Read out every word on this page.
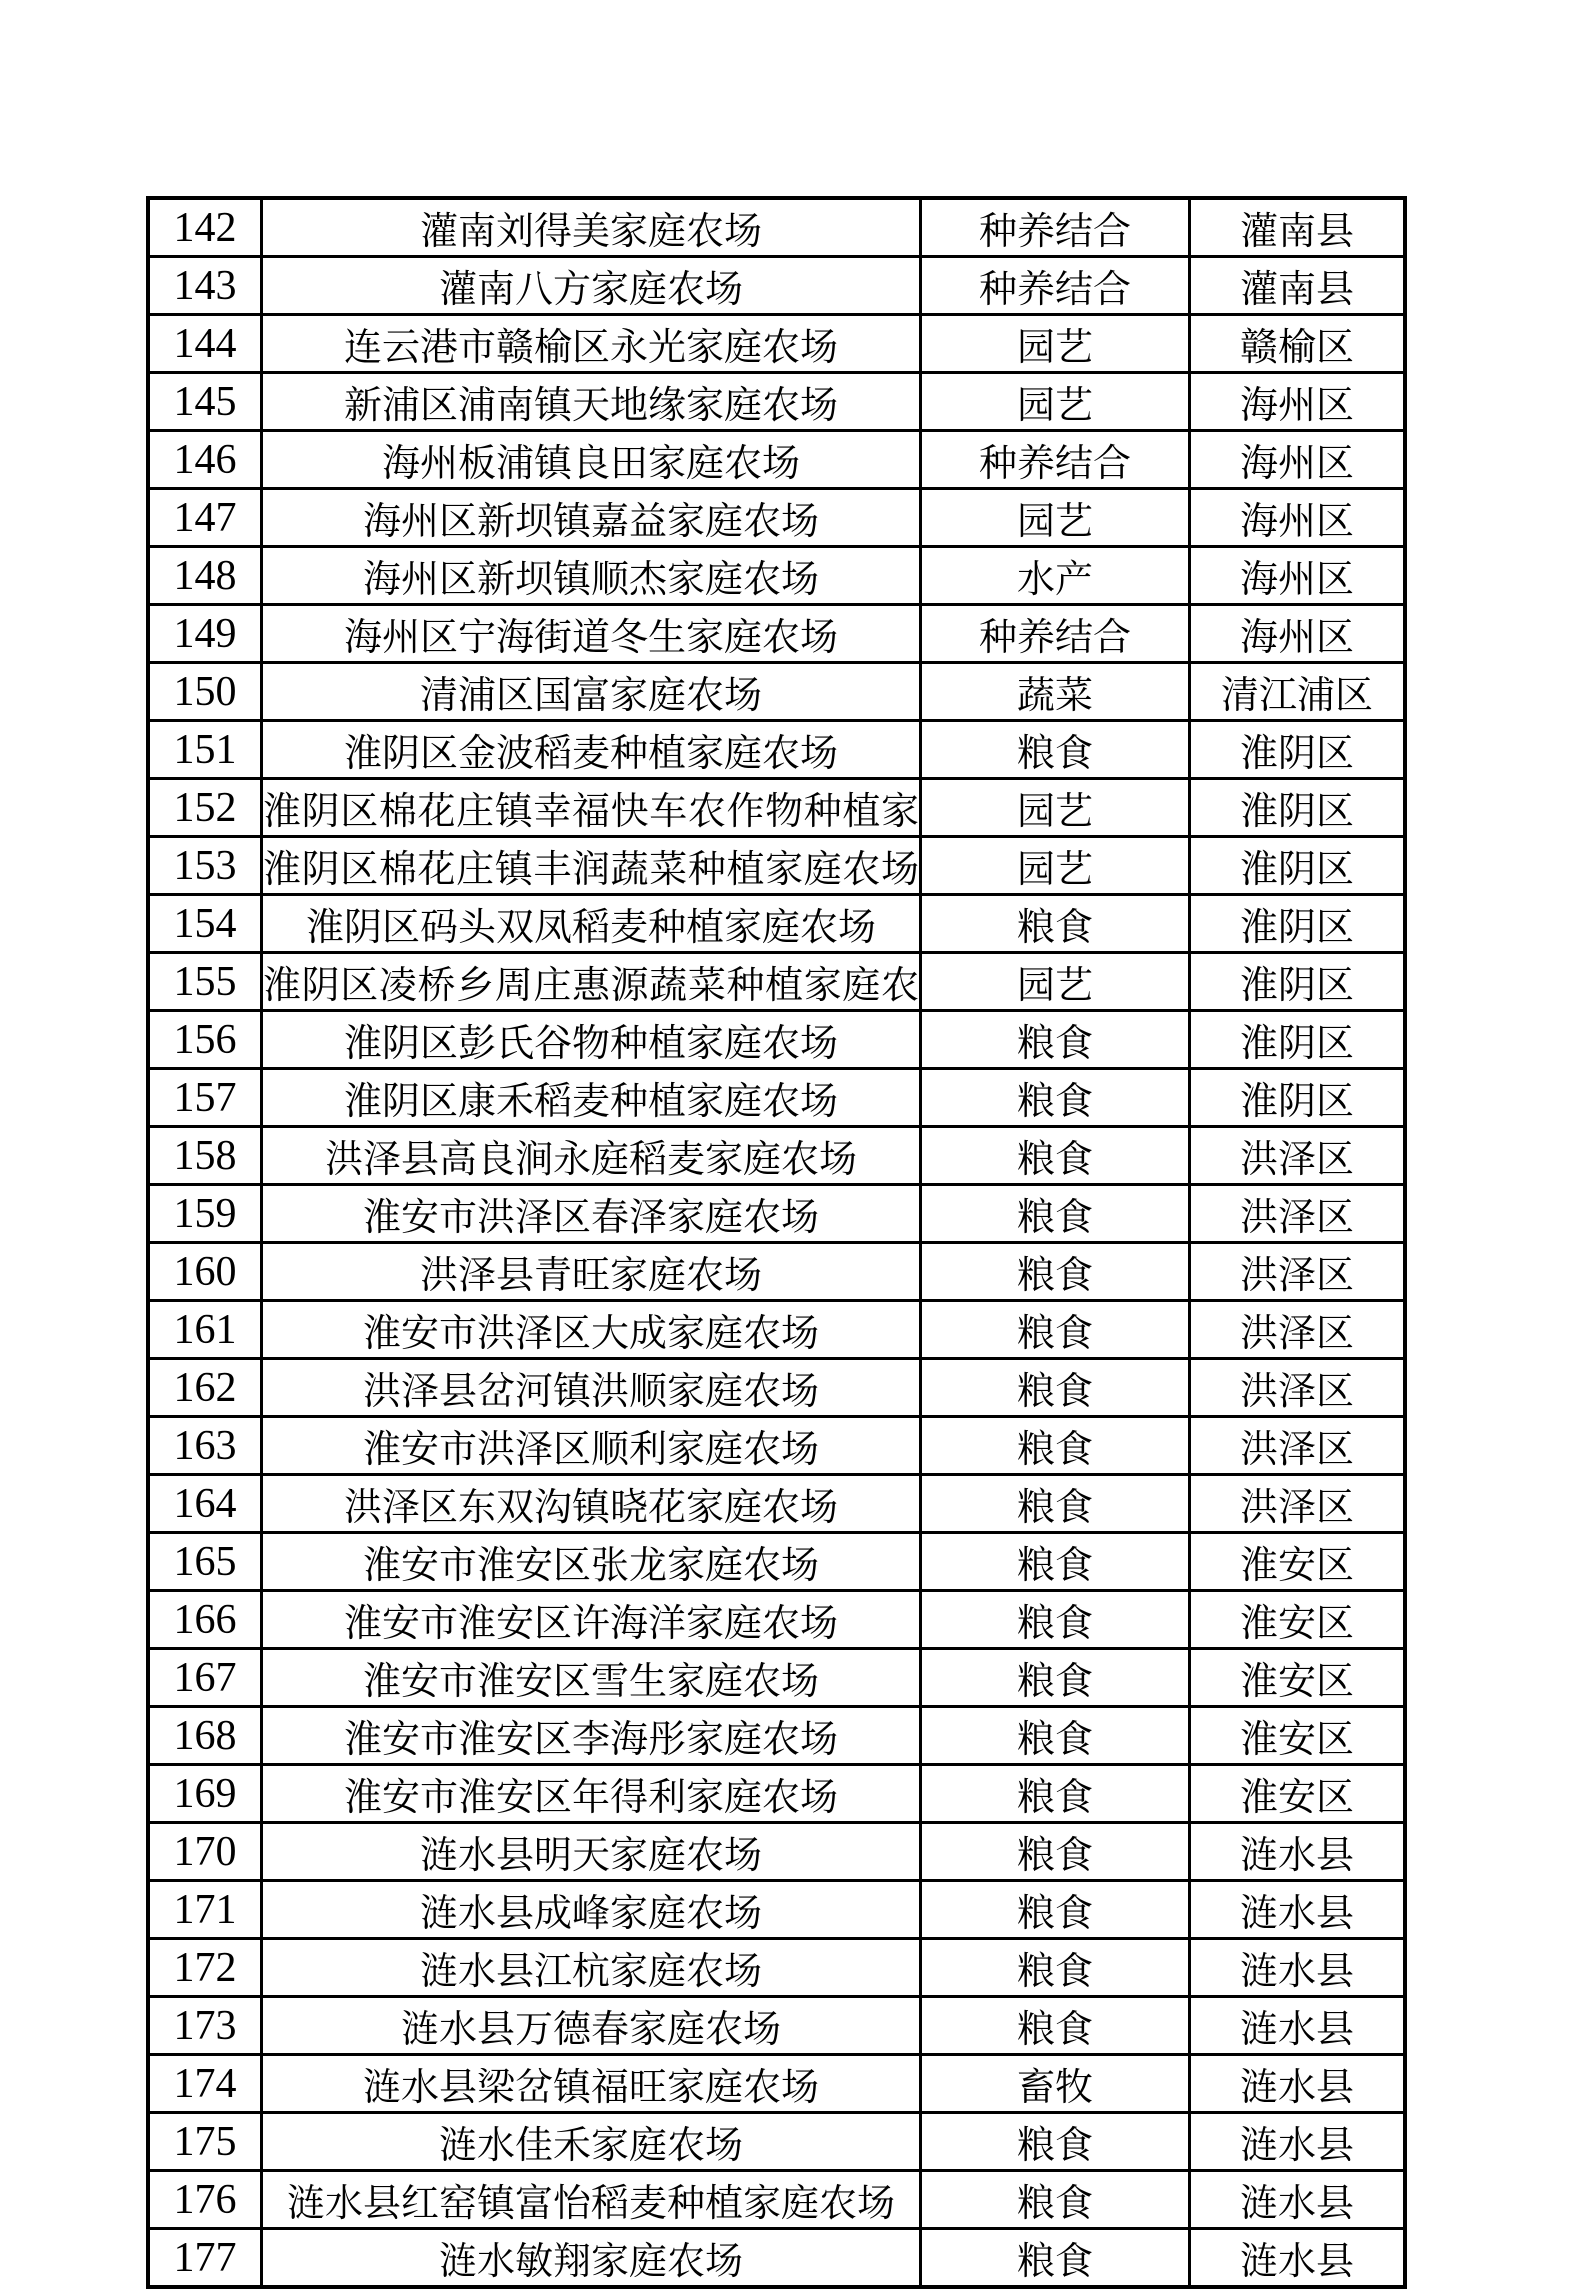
142	灌南刘得美家庭农场	种养结合	灌南县
143	灌南八方家庭农场	种养结合	灌南县
144	连云港市赣榆区永光家庭农场	园艺	赣榆区
145	新浦区浦南镇天地缘家庭农场	园艺	海州区
146	海州板浦镇良田家庭农场	种养结合	海州区
147	海州区新坝镇嘉益家庭农场	园艺	海州区
148	海州区新坝镇顺杰家庭农场	水产	海州区
149	海州区宁海街道冬生家庭农场	种养结合	海州区
150	清浦区国富家庭农场	蔬菜	清江浦区
151	淮阴区金波稻麦种植家庭农场	粮食	淮阴区
152	淮阴区棉花庄镇幸福快车农作物种植家	园艺	淮阴区
153	淮阴区棉花庄镇丰润蔬菜种植家庭农场	园艺	淮阴区
154	淮阴区码头双凤稻麦种植家庭农场	粮食	淮阴区
155	淮阴区凌桥乡周庄惠源蔬菜种植家庭农	园艺	淮阴区
156	淮阴区彭氏谷物种植家庭农场	粮食	淮阴区
157	淮阴区康禾稻麦种植家庭农场	粮食	淮阴区
158	洪泽县高良涧永庭稻麦家庭农场	粮食	洪泽区
159	淮安市洪泽区春泽家庭农场	粮食	洪泽区
160	洪泽县青旺家庭农场	粮食	洪泽区
161	淮安市洪泽区大成家庭农场	粮食	洪泽区
162	洪泽县岔河镇洪顺家庭农场	粮食	洪泽区
163	淮安市洪泽区顺利家庭农场	粮食	洪泽区
164	洪泽区东双沟镇晓花家庭农场	粮食	洪泽区
165	淮安市淮安区张龙家庭农场	粮食	淮安区
166	淮安市淮安区许海洋家庭农场	粮食	淮安区
167	淮安市淮安区雪生家庭农场	粮食	淮安区
168	淮安市淮安区李海彤家庭农场	粮食	淮安区
169	淮安市淮安区年得利家庭农场	粮食	淮安区
170	涟水县明天家庭农场	粮食	涟水县
171	涟水县成峰家庭农场	粮食	涟水县
172	涟水县江杭家庭农场	粮食	涟水县
173	涟水县万德春家庭农场	粮食	涟水县
174	涟水县梁岔镇福旺家庭农场	畜牧	涟水县
175	涟水佳禾家庭农场	粮食	涟水县
176	涟水县红窑镇富怡稻麦种植家庭农场	粮食	涟水县
177	涟水敏翔家庭农场	粮食	涟水县
